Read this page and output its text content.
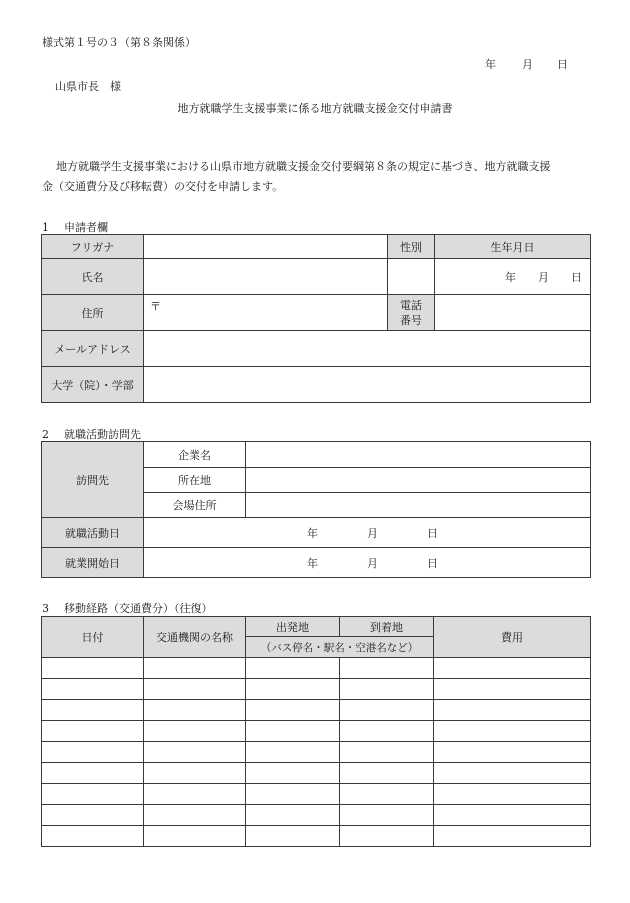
様式第１号の３（第８条関係）
年 月 日
山県市長　様
地方就職学生支援事業に係る地方就職支援金交付申請書
地方就職学生支援事業における山県市地方就職支援金交付要綱第８条の規定に基づき、地方就職支援
金（交通費分及び移転費）の交付を申請します。
1 申請者欄
フリガナ		性別	生年月日
氏名			年 月 日

住所	〒	電話
番号	

メールアドレス			
大学（院）・学部			
2 就職活動訪問先
訪問先	企業名	
	所在地	
	会場住所	
就職活動日	年 月 日	

就業開始日	年 月 日	
3 移動経路（交通費分）（往復）
日付	交通機関の名称	出発地	到着地	費用
		（バス停名・駅名・空港名など）		
